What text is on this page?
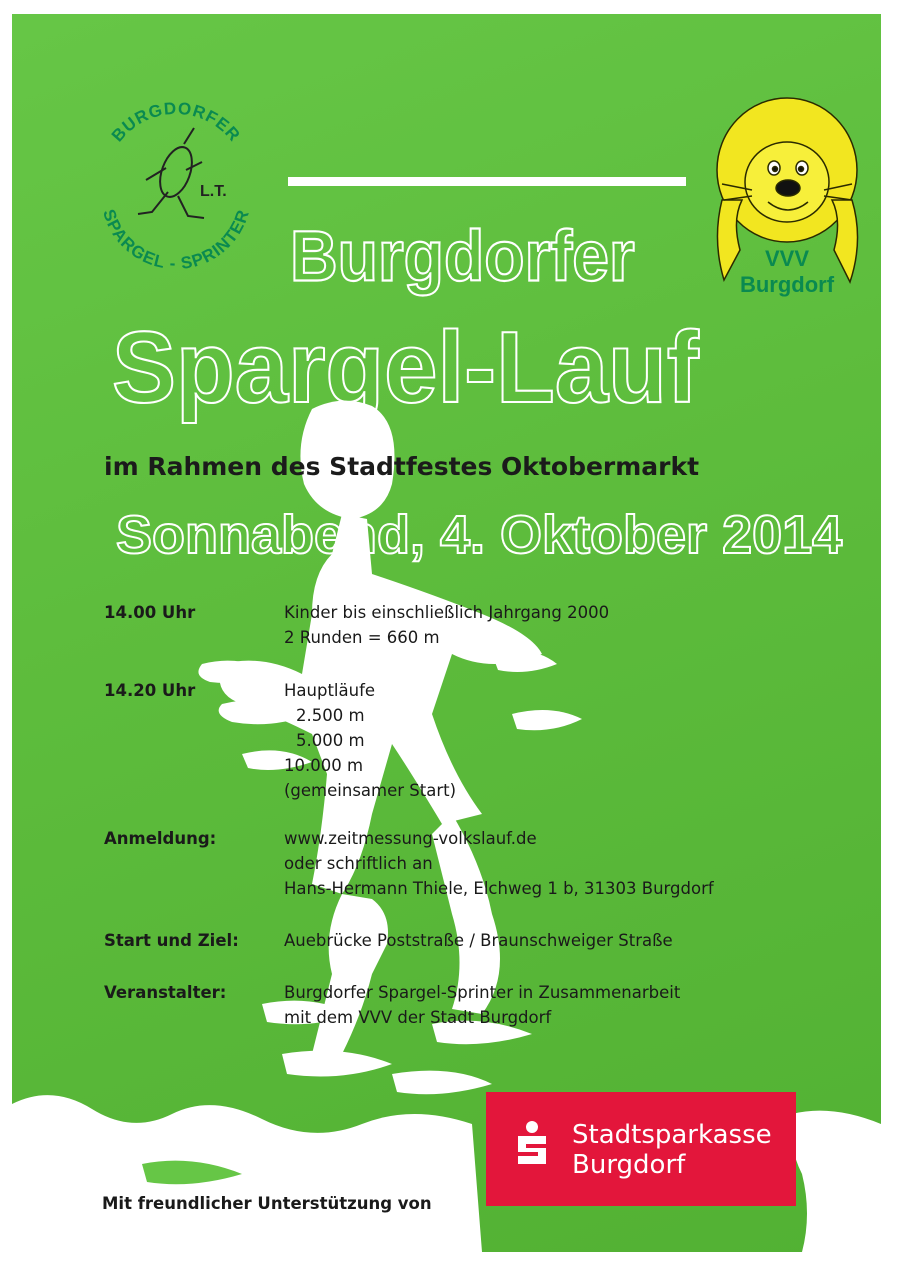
BURGDORFER
SPARGEL - SPRINTER
L.T.
VVV
Burgdorf
Burgdorfer
Spargel-Lauf

im Rahmen des Stadtfestes Oktobermarkt

Sonnabend, 4. Oktober 2014
14.00 Uhr	Kinder bis einschließlich Jahrgang 2000
2 Runden = 660 m
14.20 Uhr	Hauptläufe
2.500 m
5.000 m
10.000 m
(gemeinsamer Start)
Anmeldung:	www.zeitmessung-volkslauf.de
oder schriftlich an
Hans-Hermann Thiele, Elchweg 1 b, 31303 Burgdorf
Start und Ziel:	Auebrücke Poststraße / Braunschweiger Straße
Veranstalter:	Burgdorfer Spargel-Sprinter in Zusammenarbeit
mit dem VVV der Stadt Burgdorf
Stadtsparkasse
Burgdorf

Mit freundlicher Unterstützung von
